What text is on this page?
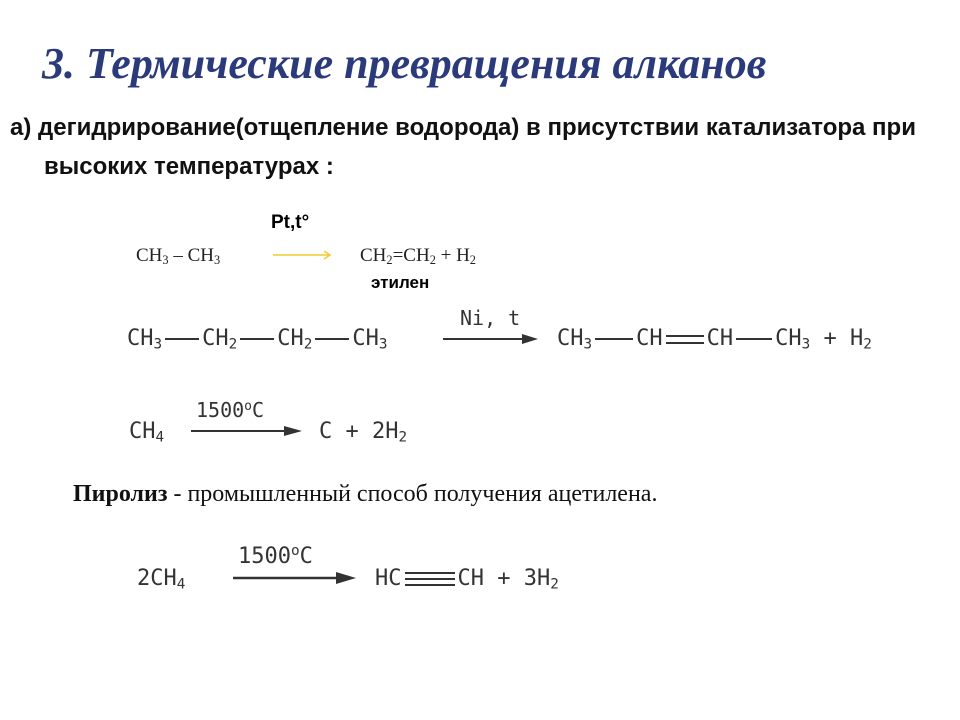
3. Термические превращения алканов
а) дегидрирование(отщепление водорода) в присутствии катализатора при высоких температурах :
$CH_3 - CH_3$
Pt,t°
$CH_2=CH_2 + H_2$
этилен
$CH_3$ $CH_2$ $CH_2$ $CH_3$
Ni, t
$CH_3$ CH CH $CH_3 + H_2$
$CH_4$
1500$^o$C
$C + 2H_2$
Пиролиз - промышленный способ получения ацетилена.
$2CH_4$
1500$^o$C
HC	CH + $3H_2$
